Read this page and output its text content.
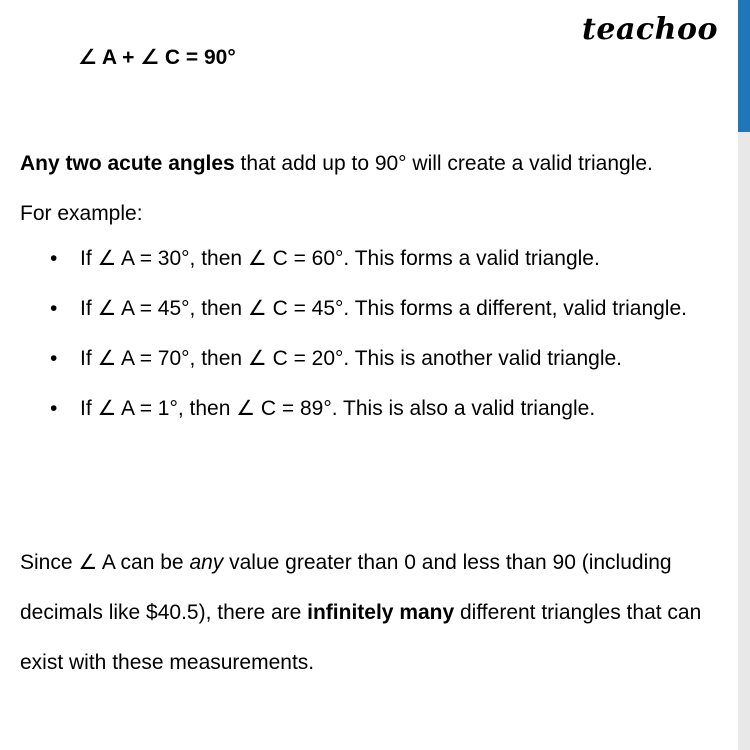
teachoo
∠ A + ∠ C = 90°
Any two acute angles that add up to 90° will create a valid triangle.
For example:
• If ∠ A = 30°, then ∠ C = 60°. This forms a valid triangle.
• If ∠ A = 45°, then ∠ C = 45°. This forms a different, valid triangle.
• If ∠ A = 70°, then ∠ C = 20°. This is another valid triangle.
• If ∠ A = 1°, then ∠ C = 89°. This is also a valid triangle.
Since ∠ A can be any value greater than 0 and less than 90 (including decimals like $40.5), there are infinitely many different triangles that can exist with these measurements.
